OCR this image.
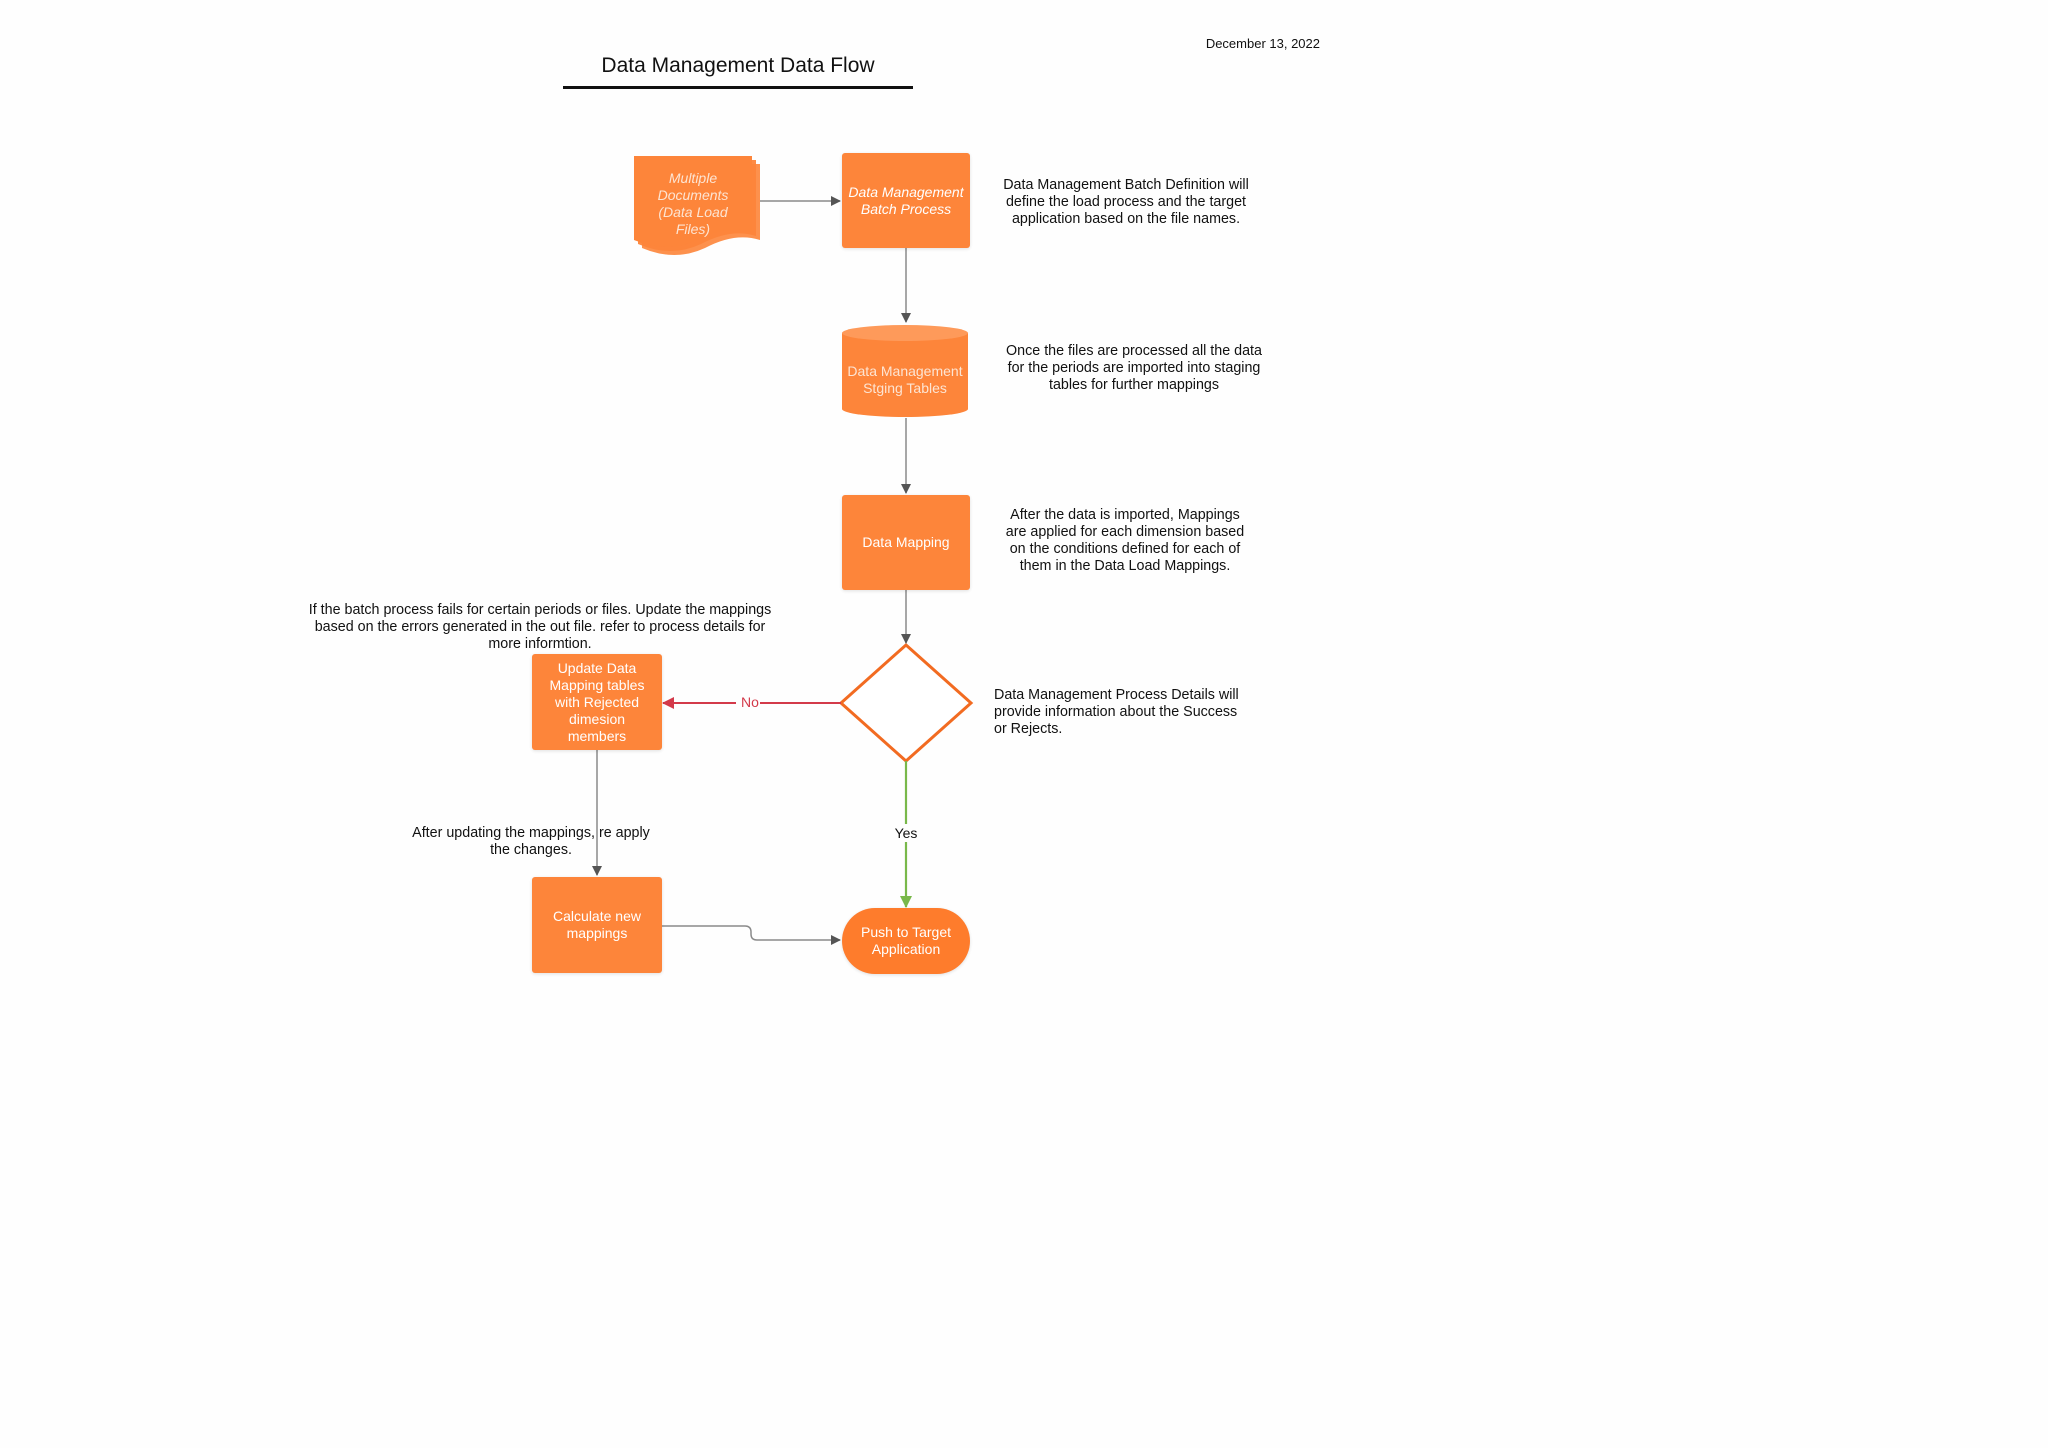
December 13, 2022
Data Management Data Flow
No
Yes
Multiple Documents (Data Load Files)
Data Management Batch Process
Data Management Stging Tables
Data Mapping
Update Data Mapping tables with Rejected dimesion members
Calculate new mappings	Push to Target Application
Data Management Batch Definition will define the load process and the target application based on the file names.
Once the files are processed all the data for the periods are imported into staging tables for further mappings
After the data is imported, Mappings are applied for each dimension based on the conditions defined for each of them in the Data Load Mappings.
Data Management Process Details will provide information about the Success or Rejects.
If the batch process fails for certain periods or files. Update the mappings based on the errors generated in the out file. refer to process details for more informtion.
After updating the mappings, re apply the changes.
